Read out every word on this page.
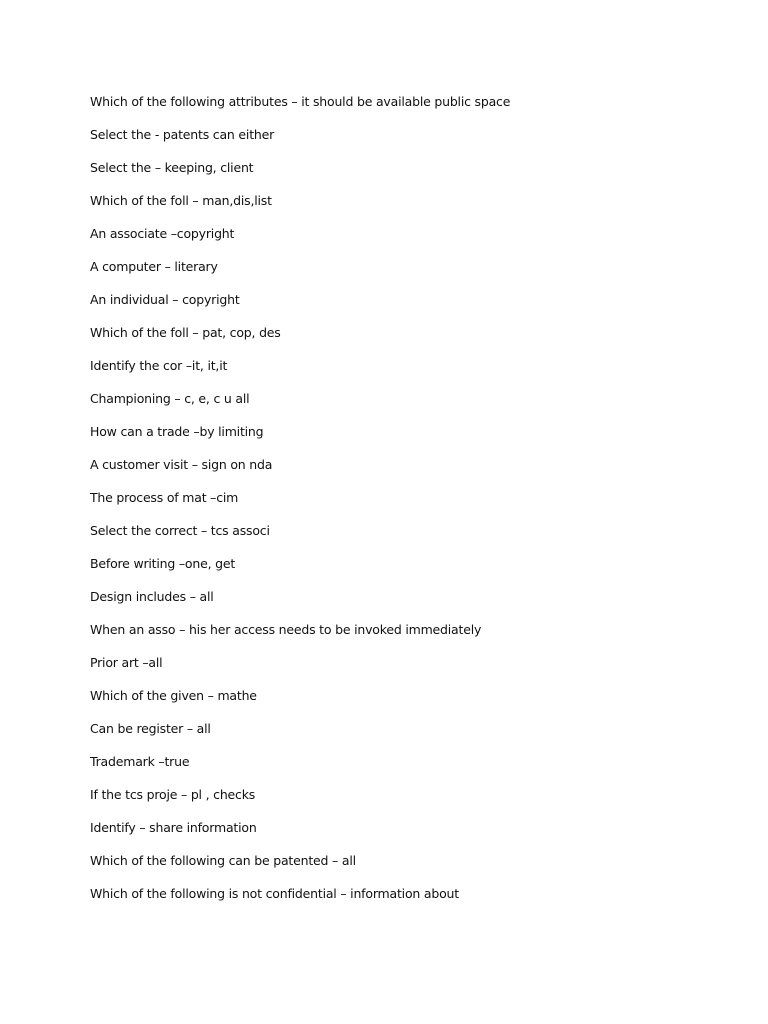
Which of the following attributes – it should be available public space
Select the - patents can either
Select the – keeping, client
Which of the foll – man,dis,list
An associate –copyright
A computer – literary
An individual – copyright
Which of the foll – pat, cop, des
Identify the cor –it, it,it
Championing – c, e, c u all
How can a trade –by limiting
A customer visit – sign on nda
The process of mat –cim
Select the correct – tcs associ
Before writing –one, get
Design includes – all
When an asso – his her access needs to be invoked immediately
Prior art –all
Which of the given – mathe
Can be register – all
Trademark –true
If the tcs proje – pl , checks
Identify – share information
Which of the following can be patented – all
Which of the following is not confidential – information about
